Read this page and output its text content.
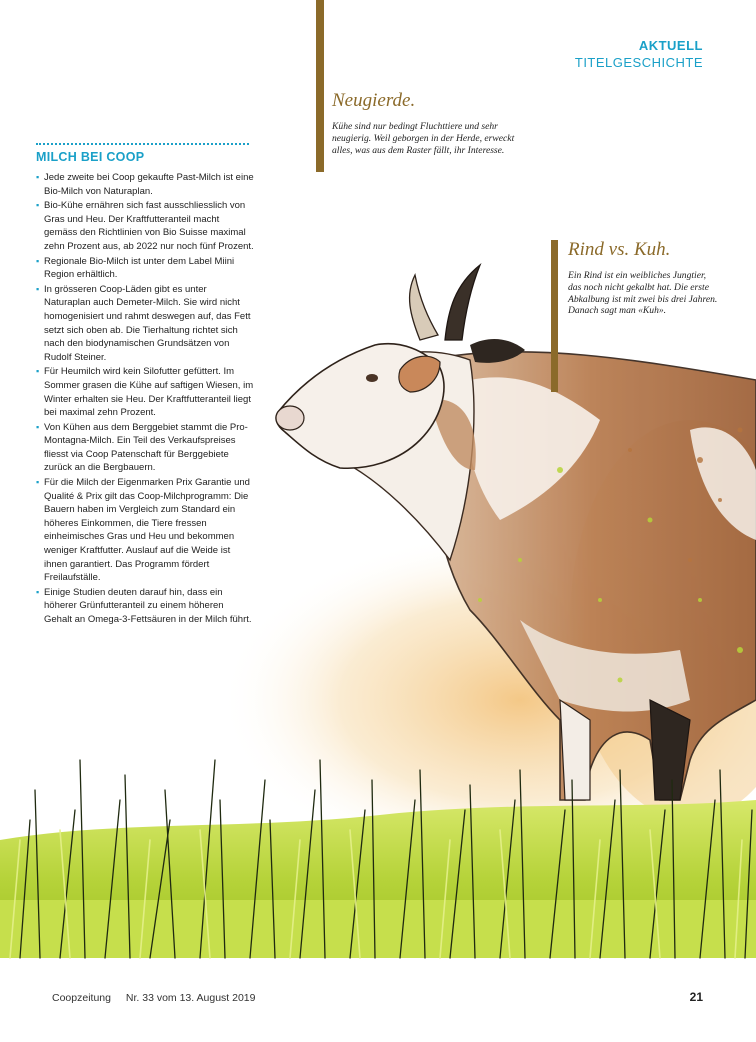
AKTUELL
TITELGESCHICHTE
Neugierde.
Kühe sind nur bedingt Fluchttiere und sehr neugierig. Weil geborgen in der Herde, erweckt alles, was aus dem Raster fällt, ihr Interesse.
Rind vs. Kuh.
Ein Rind ist ein weibliches Jungtier, das noch nicht gekalbt hat. Die erste Abkalbung ist mit zwei bis drei Jahren. Danach sagt man «Kuh».
MILCH BEI COOP
▪ Jede zweite bei Coop gekaufte Past-Milch ist eine Bio-Milch von Naturaplan.
▪ Bio-Kühe ernähren sich fast ausschliesslich von Gras und Heu. Der Kraftfutteranteil macht gemäss den Richtlinien von Bio Suisse maximal zehn Prozent aus, ab 2022 nur noch fünf Prozent.
▪ Regionale Bio-Milch ist unter dem Label Miini Region erhältlich.
▪ In grösseren Coop-Läden gibt es unter Naturaplan auch Demeter-Milch. Sie wird nicht homogenisiert und rahmt deswegen auf, das Fett setzt sich oben ab. Die Tierhaltung richtet sich nach den biodynamischen Grundsätzen von Rudolf Steiner.
▪ Für Heumilch wird kein Silofutter gefüttert. Im Sommer grasen die Kühe auf saftigen Wiesen, im Winter erhalten sie Heu. Der Kraftfutteranteil liegt bei maximal zehn Prozent.
▪ Von Kühen aus dem Berggebiet stammt die Pro-Montagna-Milch. Ein Teil des Verkaufspreises fliesst via Coop Patenschaft für Berggebiete zurück an die Bergbauern.
▪ Für die Milch der Eigenmarken Prix Garantie und Qualité & Prix gilt das Coop-Milchprogramm: Die Bauern haben im Vergleich zum Standard ein höheres Einkommen, die Tiere fressen einheimisches Gras und Heu und bekommen weniger Kraftfutter. Auslauf auf die Weide ist ihnen garantiert. Das Programm fördert Freilaufställe.
▪ Einige Studien deuten darauf hin, dass ein höherer Grünfutteranteil zu einem höheren Gehalt an Omega-3-Fettsäuren in der Milch führt.
Coopzeitung Nr. 33 vom 13. August 2019	21
